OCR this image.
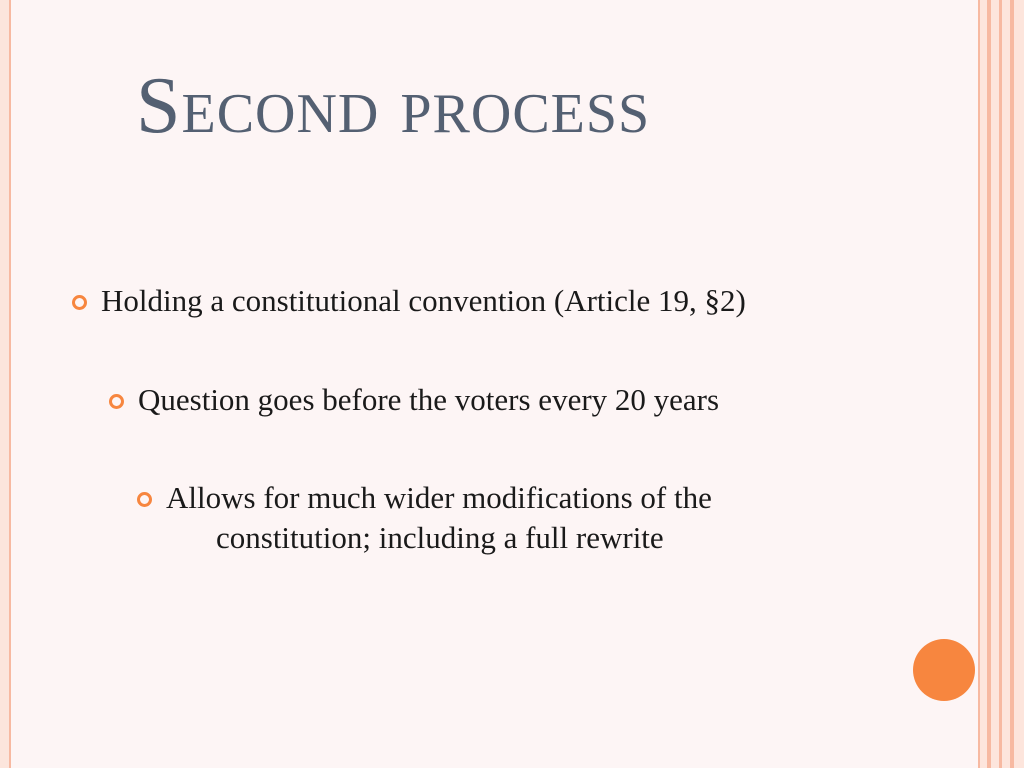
Second process
Holding a constitutional convention (Article 19, §2)
Question goes before the voters every 20 years
Allows for much wider modifications of the
constitution; including a full rewrite
